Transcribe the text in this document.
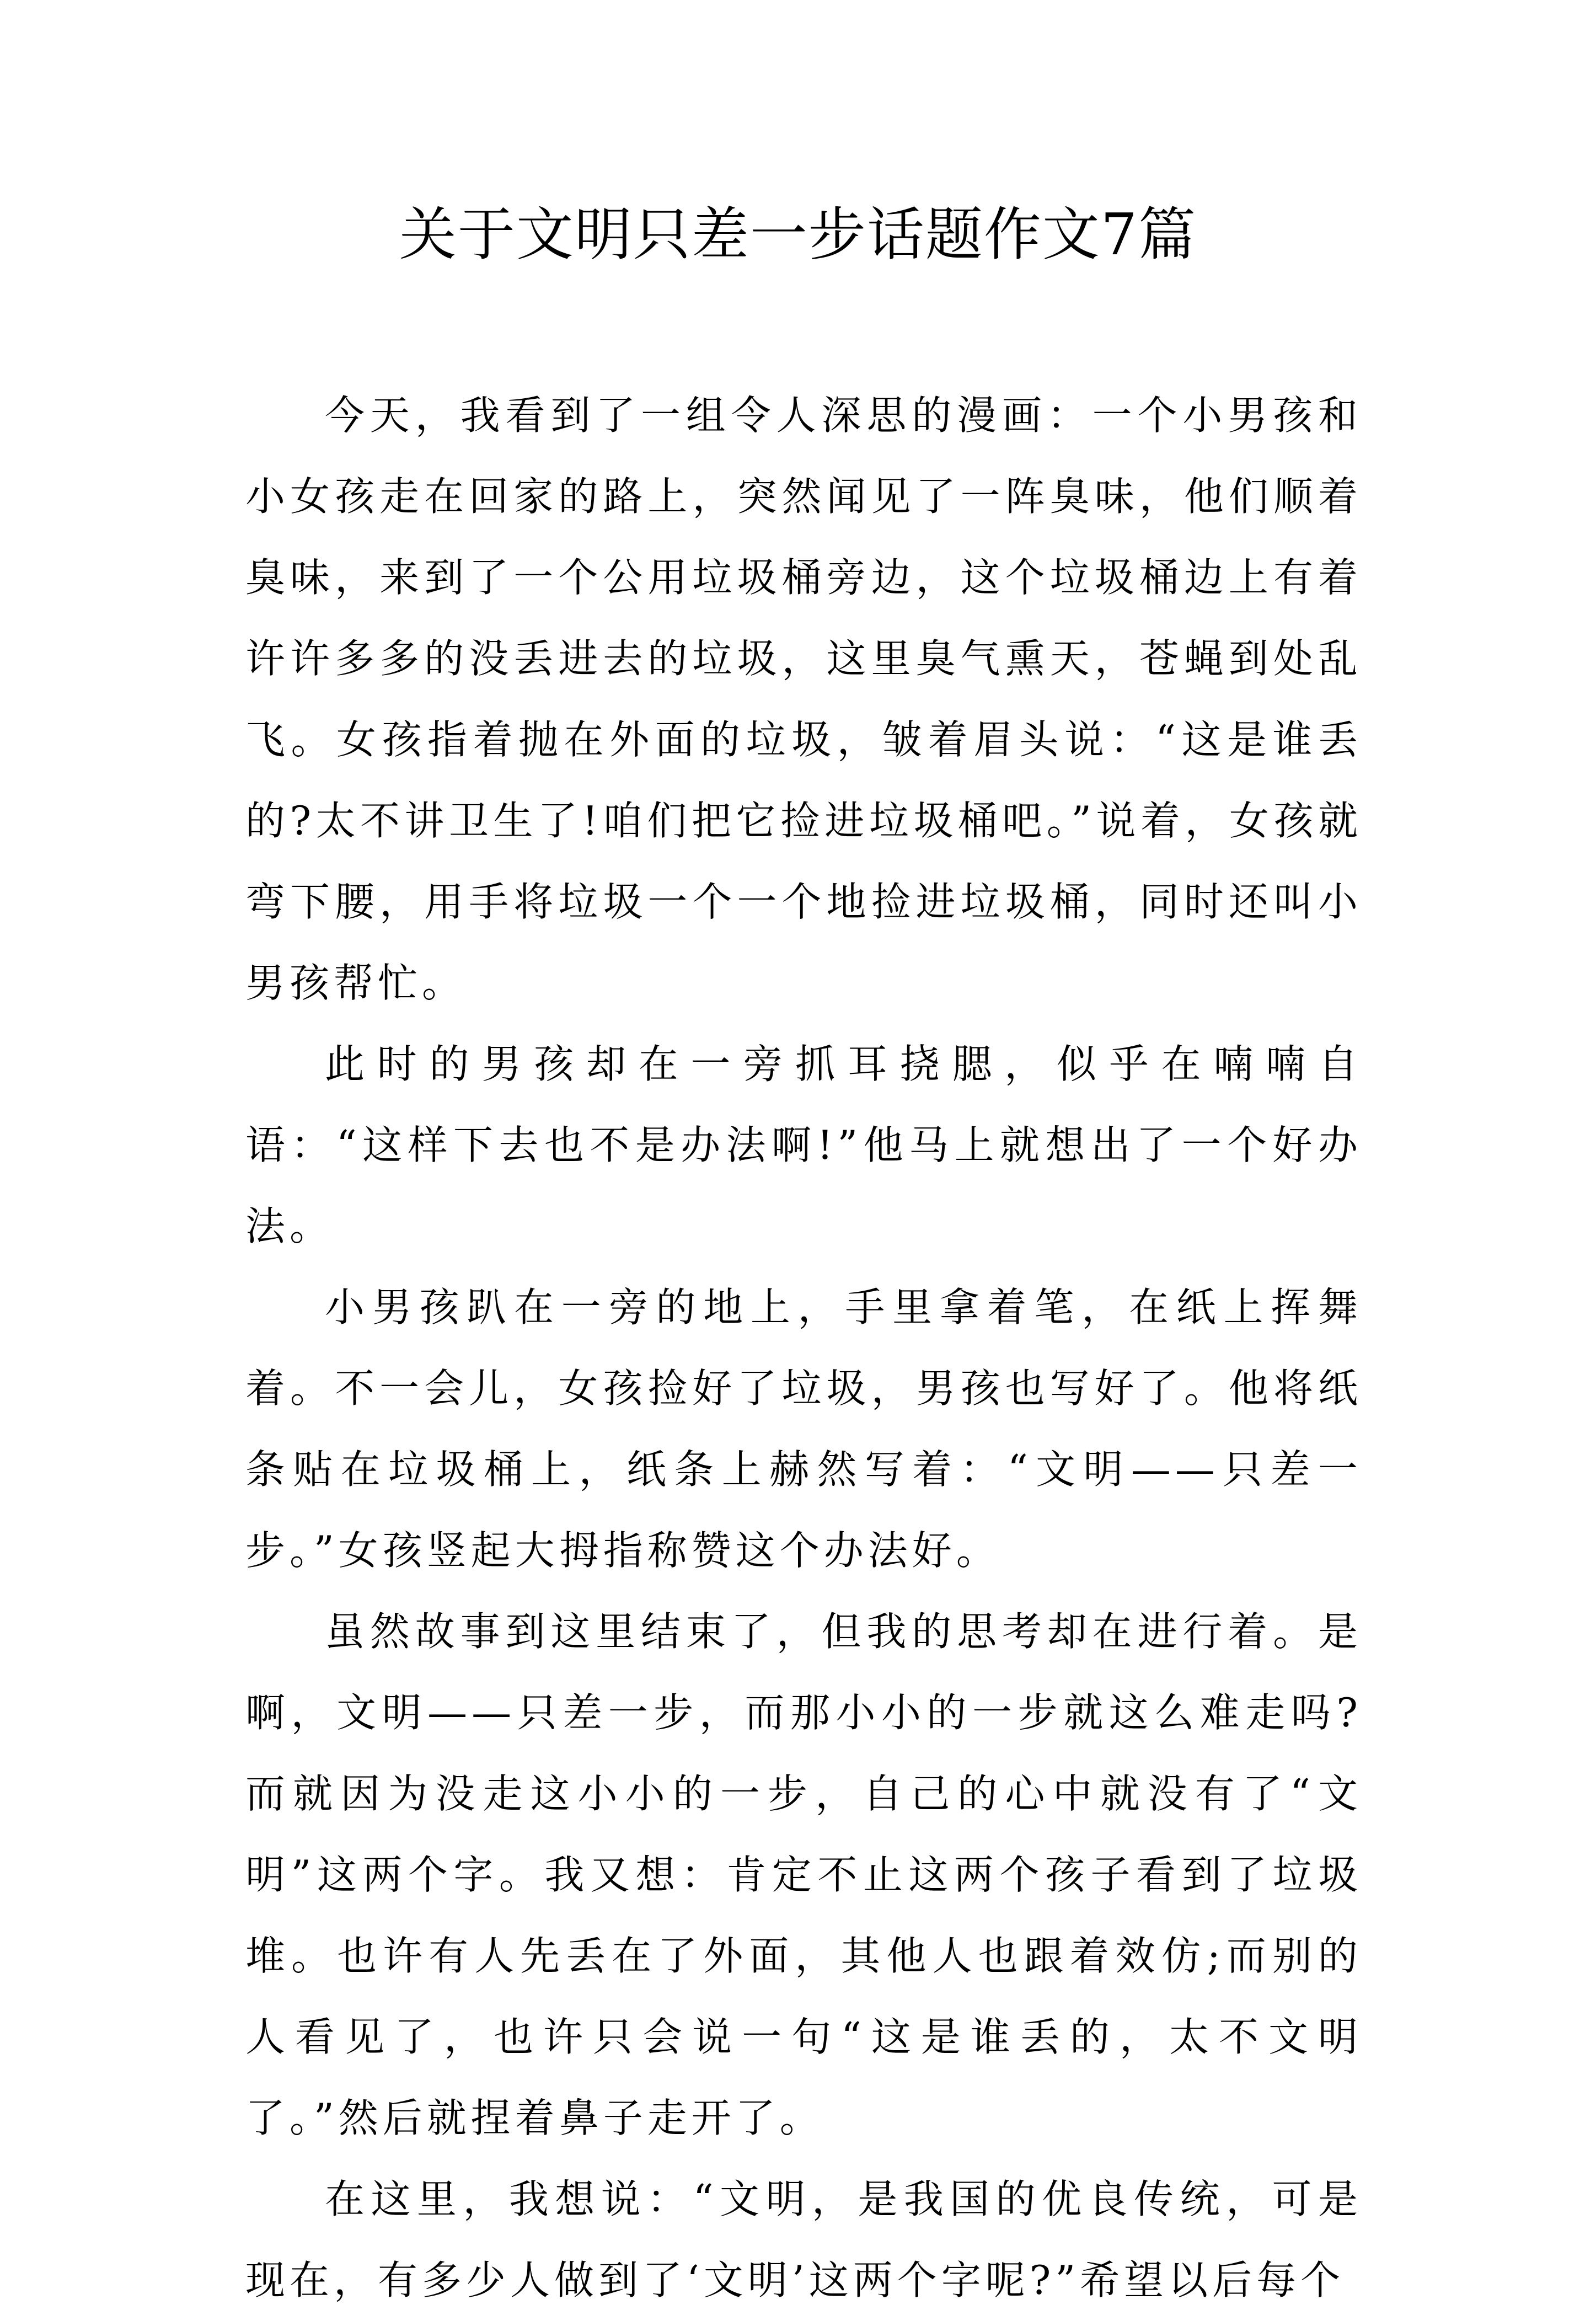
关于文明只差一步话题作文7篇

今天，我看到了一组令人深思的漫画：一个小男孩和小女孩走在回家的路上，突然闻见了一阵臭味，他们顺着臭味，来到了一个公用垃圾桶旁边，这个垃圾桶边上有着许许多多的没丢进去的垃圾，这里臭气熏天，苍蝇到处乱飞。女孩指着抛在外面的垃圾，皱着眉头说：“这是谁丢的?太不讲卫生了!咱们把它捡进垃圾桶吧。”说着，女孩就弯下腰，用手将垃圾一个一个地捡进垃圾桶，同时还叫小男孩帮忙。

此时的男孩却在一旁抓耳挠腮，似乎在喃喃自语：“这样下去也不是办法啊!”他马上就想出了一个好办法。

小男孩趴在一旁的地上，手里拿着笔，在纸上挥舞着。不一会儿，女孩捡好了垃圾，男孩也写好了。他将纸条贴在垃圾桶上，纸条上赫然写着：“文明——只差一步。”女孩竖起大拇指称赞这个办法好。

虽然故事到这里结束了，但我的思考却在进行着。是啊，文明——只差一步，而那小小的一步就这么难走吗?而就因为没走这小小的一步，自己的心中就没有了“文明”这两个字。我又想：肯定不止这两个孩子看到了垃圾堆。也许有人先丢在了外面，其他人也跟着效仿;而别的人看见了，也许只会说一句“这是谁丢的，太不文明了。”然后就捏着鼻子走开了。

在这里，我想说：“文明，是我国的优良传统，可是现在，有多少人做到了‘文明’这两个字呢?”希望以后每个
